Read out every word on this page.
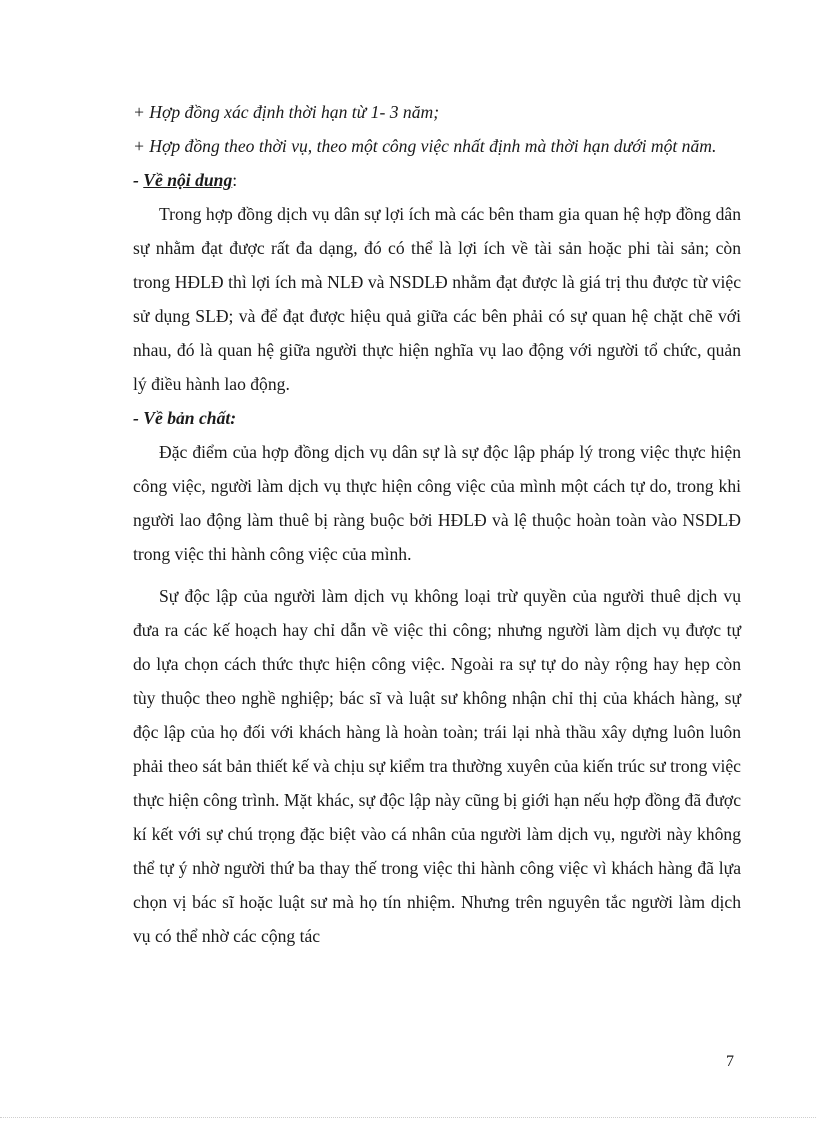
+ Hợp đồng xác định thời hạn từ 1- 3 năm;

+ Hợp đồng theo thời vụ, theo một công việc nhất định mà thời hạn dưới một năm.

- Về nội dung:

Trong hợp đồng dịch vụ dân sự lợi ích mà các bên tham gia quan hệ hợp đồng dân sự nhằm đạt được rất đa dạng, đó có thể là lợi ích về tài sản hoặc phi tài sản; còn trong HĐLĐ thì lợi ích mà NLĐ và NSDLĐ nhằm đạt được là giá trị thu được từ việc sử dụng SLĐ; và để đạt được hiệu quả giữa các bên phải có sự quan hệ chặt chẽ với nhau, đó là quan hệ giữa người thực hiện nghĩa vụ lao động với người tổ chức, quản lý điều hành lao động.

- Về bản chất:

Đặc điểm của hợp đồng dịch vụ dân sự là sự độc lập pháp lý trong việc thực hiện công việc, người làm dịch vụ thực hiện công việc của mình một cách tự do, trong khi người lao động làm thuê bị ràng buộc bởi HĐLĐ và lệ thuộc hoàn toàn vào NSDLĐ trong việc thi hành công việc của mình.

Sự độc lập của người làm dịch vụ không loại trừ quyền của người thuê dịch vụ đưa ra các kế hoạch hay chỉ dẫn về việc thi công; nhưng người làm dịch vụ được tự do lựa chọn cách thức thực hiện công việc. Ngoài ra sự tự do này rộng hay hẹp còn tùy thuộc theo nghề nghiệp; bác sĩ và luật sư không nhận chỉ thị của khách hàng, sự độc lập của họ đối với khách hàng là hoàn toàn; trái lại nhà thầu xây dựng luôn luôn phải theo sát bản thiết kế và chịu sự kiểm tra thường xuyên của kiến trúc sư trong việc thực hiện công trình. Mặt khác, sự độc lập này cũng bị giới hạn nếu hợp đồng đã được kí kết với sự chú trọng đặc biệt vào cá nhân của người làm dịch vụ, người này không thể tự ý nhờ người thứ ba thay thế trong việc thi hành công việc vì khách hàng đã lựa chọn vị bác sĩ hoặc luật sư mà họ tín nhiệm. Nhưng trên nguyên tắc người làm dịch vụ có thể nhờ các cộng tác

7
